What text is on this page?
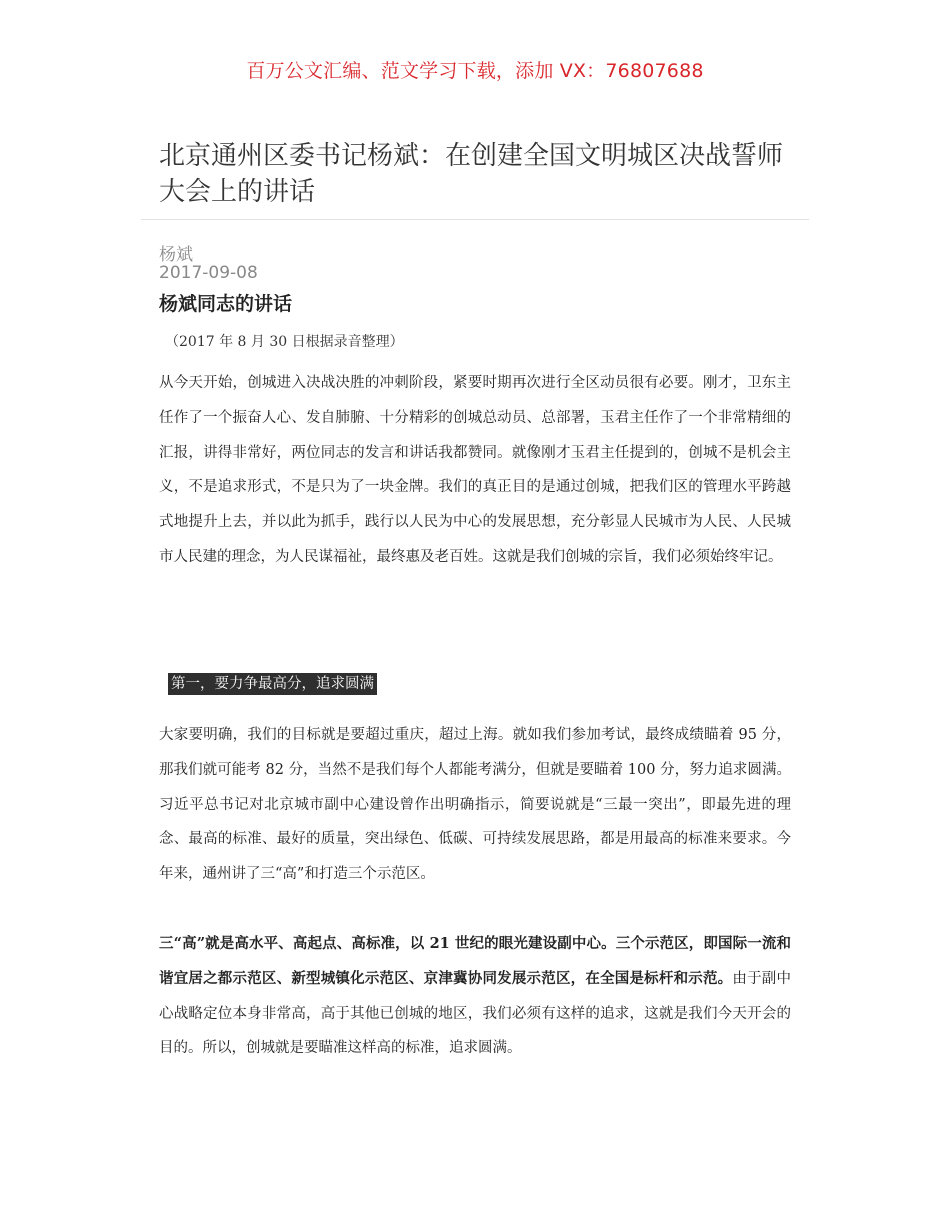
百万公文汇编、范文学习下载，添加 VX：76807688
北京通州区委书记杨斌：在创建全国文明城区决战誓师大会上的讲话
杨斌
2017-09-08
杨斌同志的讲话
（2017 年 8 月 30 日根据录音整理）

从今天开始，创城进入决战决胜的冲刺阶段，紧要时期再次进行全区动员很有必要。刚才，卫东主任作了一个振奋人心、发自肺腑、十分精彩的创城总动员、总部署，玉君主任作了一个非常精细的汇报，讲得非常好，两位同志的发言和讲话我都赞同。就像刚才玉君主任提到的，创城不是机会主义，不是追求形式，不是只为了一块金牌。我们的真正目的是通过创城，把我们区的管理水平跨越式地提升上去，并以此为抓手，践行以人民为中心的发展思想，充分彰显人民城市为人民、人民城市人民建的理念，为人民谋福祉，最终惠及老百姓。这就是我们创城的宗旨，我们必须始终牢记。

第一，要力争最高分，追求圆满

大家要明确，我们的目标就是要超过重庆，超过上海。就如我们参加考试，最终成绩瞄着 95 分，那我们就可能考 82 分，当然不是我们每个人都能考满分，但就是要瞄着 100 分，努力追求圆满。习近平总书记对北京城市副中心建设曾作出明确指示，简要说就是“三最一突出”，即最先进的理念、最高的标准、最好的质量，突出绿色、低碳、可持续发展思路，都是用最高的标准来要求。今年来，通州讲了三“高”和打造三个示范区。

三“高”就是高水平、高起点、高标准，以 21 世纪的眼光建设副中心。三个示范区，即国际一流和谐宜居之都示范区、新型城镇化示范区、京津冀协同发展示范区，在全国是标杆和示范。由于副中心战略定位本身非常高，高于其他已创城的地区，我们必须有这样的追求，这就是我们今天开会的目的。所以，创城就是要瞄准这样高的标准，追求圆满。
